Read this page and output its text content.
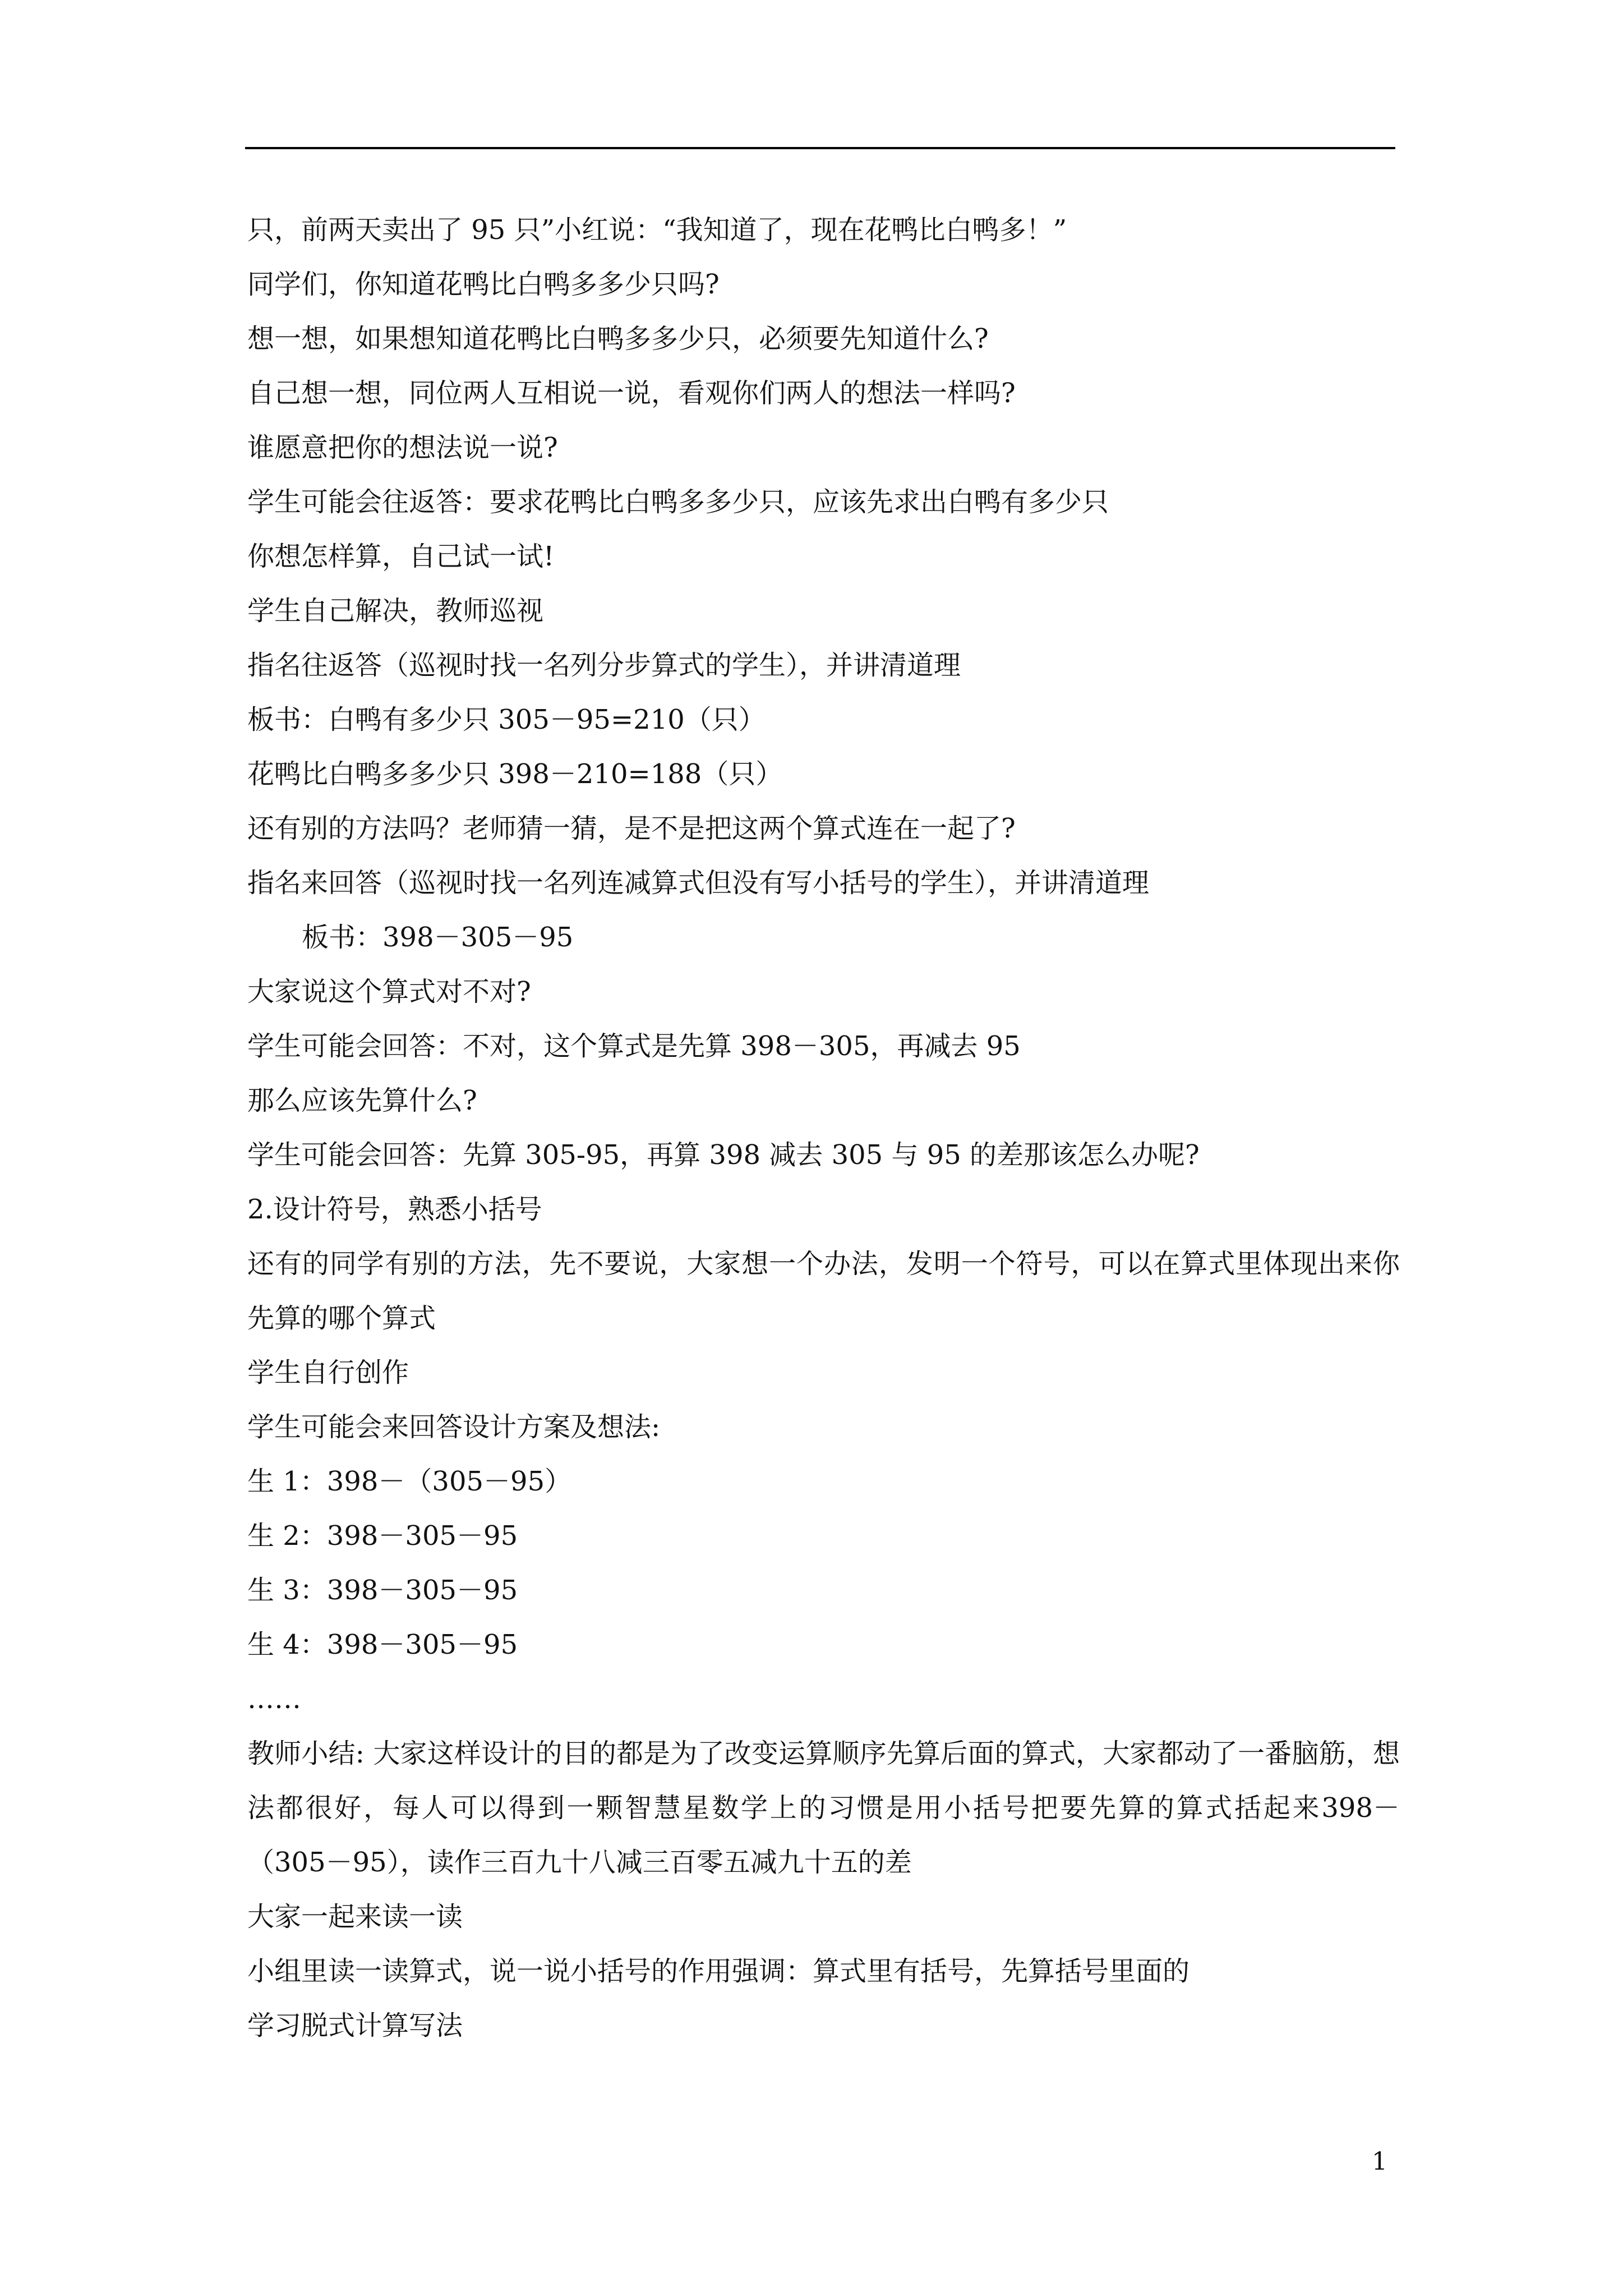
只，前两天卖出了 95 只”小红说：“我知道了，现在花鸭比白鸭多！”
同学们，你知道花鸭比白鸭多多少只吗?
想一想，如果想知道花鸭比白鸭多多少只，必须要先知道什么?
自己想一想，同位两人互相说一说，看观你们两人的想法一样吗?
谁愿意把你的想法说一说?
学生可能会往返答：要求花鸭比白鸭多多少只，应该先求出白鸭有多少只
你想怎样算，自己试一试!
学生自己解决，教师巡视
指名往返答（巡视时找一名列分步算式的学生），并讲清道理
板书：白鸭有多少只 305－95=210（只）
花鸭比白鸭多多少只 398－210=188（只）
还有别的方法吗？老师猜一猜，是不是把这两个算式连在一起了?
指名来回答（巡视时找一名列连减算式但没有写小括号的学生），并讲清道理
板书：398－305－95
大家说这个算式对不对?
学生可能会回答：不对，这个算式是先算 398－305，再减去 95
那么应该先算什么?
学生可能会回答：先算 305-95，再算 398 减去 305 与 95 的差那该怎么办呢?
2.设计符号，熟悉小括号
还有的同学有别的方法，先不要说，大家想一个办法，发明一个符号，可以在算式里体现出来你先算的哪个算式
学生自行创作
学生可能会来回答设计方案及想法:
生 1：398－（305－95）
生 2：398－305－95
生 3：398－305－95
生 4：398－305－95
……
教师小结: 大家这样设计的目的都是为了改变运算顺序先算后面的算式，大家都动了一番脑筋，想法都很好，每人可以得到一颗智慧星数学上的习惯是用小括号把要先算的算式括起来398－（305－95），读作三百九十八减三百零五减九十五的差
大家一起来读一读
小组里读一读算式，说一说小括号的作用强调：算式里有括号，先算括号里面的
学习脱式计算写法
1
